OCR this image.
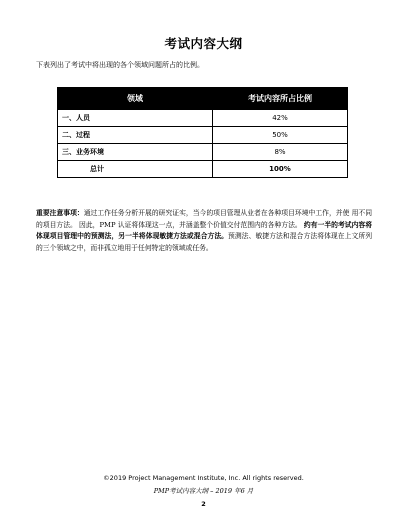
考试内容大纲
下表列出了考试中将出现的各个领域问题所占的比例。
领域	考试内容所占比例
一、人员	42%
二、过程	50%
三、业务环境	8%
总计	100%
重要注意事项：通过工作任务分析开展的研究证实，当今的项目管理从业者在各种项目环境中工作，并使 用不同的项目方法。 因此，PMP 认证将体现这一点，并涵盖整个价值交付范围内的各种方法。 约有一半的考试内容将体现项目管理中的预测法，另一半将体现敏捷方法或混合方法。预测法、敏捷方法和混合方法将体现在上文所列的三个领域之中，而非孤立地用于任何特定的领域或任务。
©2019 Project Management Institute, Inc. All rights reserved.
PMP考试内容大纲 – 2019 年6 月
2
